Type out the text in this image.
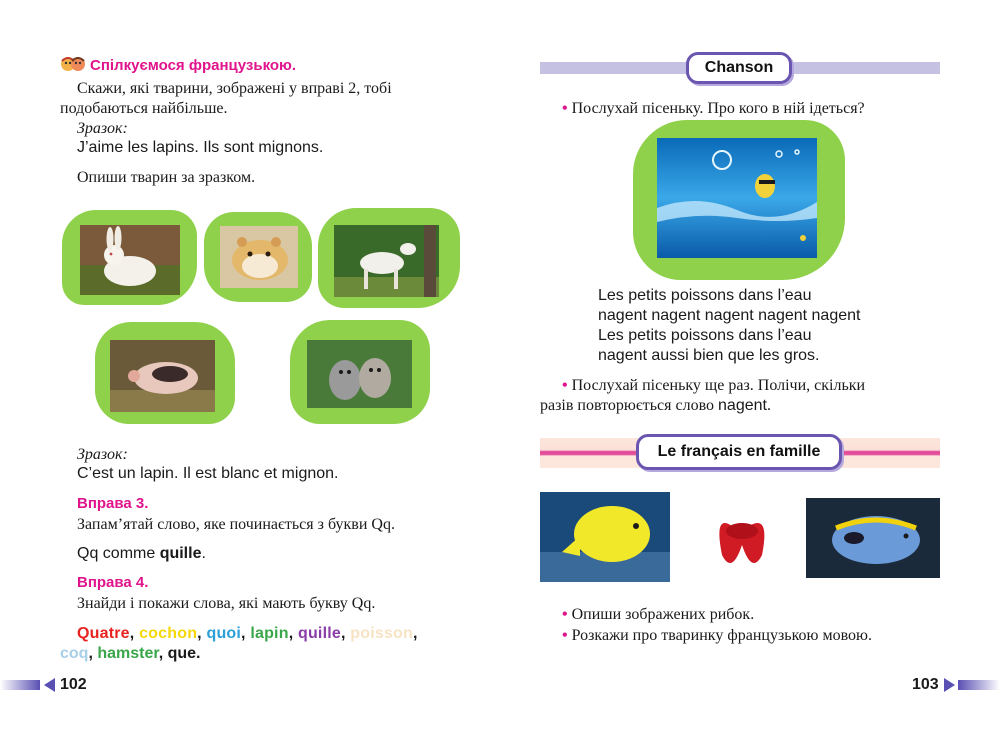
Спілкуємося французькою.
Скажи, які тварини, зображені у вправі 2, тобі
подобаються найбільше.
Зразок:
J’aime les lapins. Ils sont mignons.
Опиши тварин за зразком.
Зразок:
C’est un lapin. Il est blanc et mignon.
Вправа 3.
Запам’ятай слово, яке починається з букви Qq.
Qq comme quille.
Вправа 4.
Знайди і покажи слова, які мають букву Qq.
Quatre, cochon, quoi, lapin, quille, poisson,
coq, hamster, que.
102
Chanson
• Послухай пісеньку. Про кого в ній ідеться?
Les petits poissons dans l’eau
nagent nagent nagent nagent nagent
Les petits poissons dans l’eau
nagent aussi bien que les gros.
• Послухай пісеньку ще раз. Полічи, скільки
разів повторюється слово nagent.
Le français en famille
• Опиши зображених рибок.
• Розкажи про тваринку французькою мовою.
103
